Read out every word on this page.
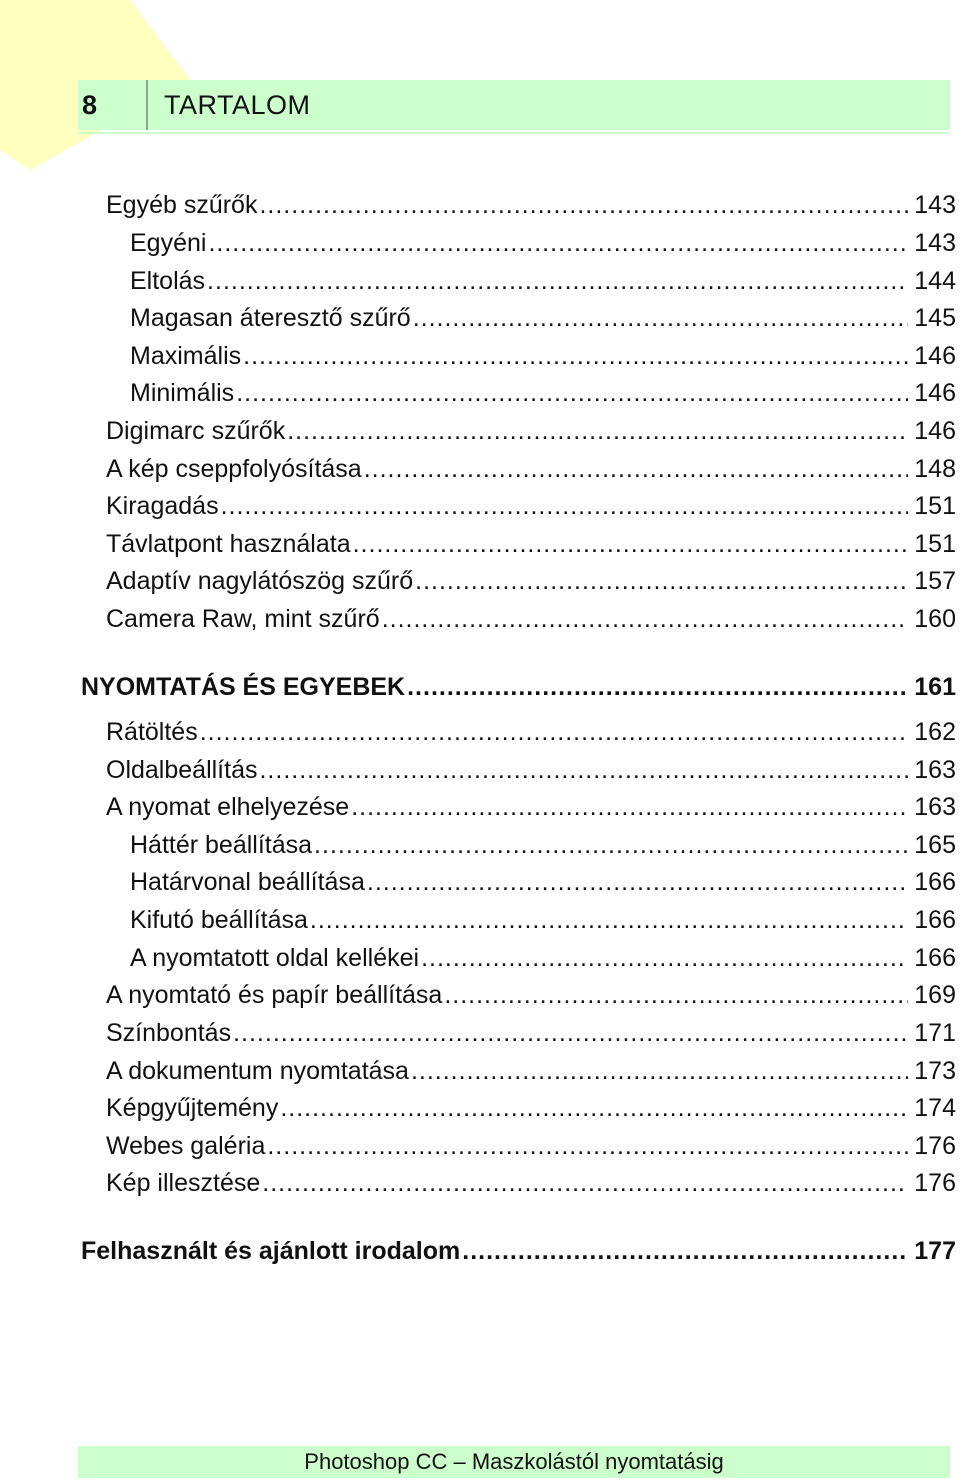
8	TARTALOM
Egyéb szűrők .....	143
Egyéni .....	143
Eltolás .....	144
Magasan áteresztő szűrő .....	145
Maximális .....	146
Minimális .....	146
Digimarc szűrők .....	146
A kép cseppfolyósítása .....	148
Kiragadás .....	151
Távlatpont használata .....	151
Adaptív nagylátószög szűrő .....	157
Camera Raw, mint szűrő .....	160
NYOMTATÁS ÉS EGYEBEK .....	161
Rátöltés .....	162
Oldalbeállítás .....	163
A nyomat elhelyezése .....	163
Háttér beállítása .....	165
Határvonal beállítása .....	166
Kifutó beállítása .....	166
A nyomtatott oldal kellékei .....	166
A nyomtató és papír beállítása .....	169
Színbontás .....	171
A dokumentum nyomtatása .....	173
Képgyűjtemény .....	174
Webes galéria .....	176
Kép illesztése .....	176
Felhasznált és ajánlott irodalom .....	177
Photoshop CC – Maszkolástól nyomtatásig
